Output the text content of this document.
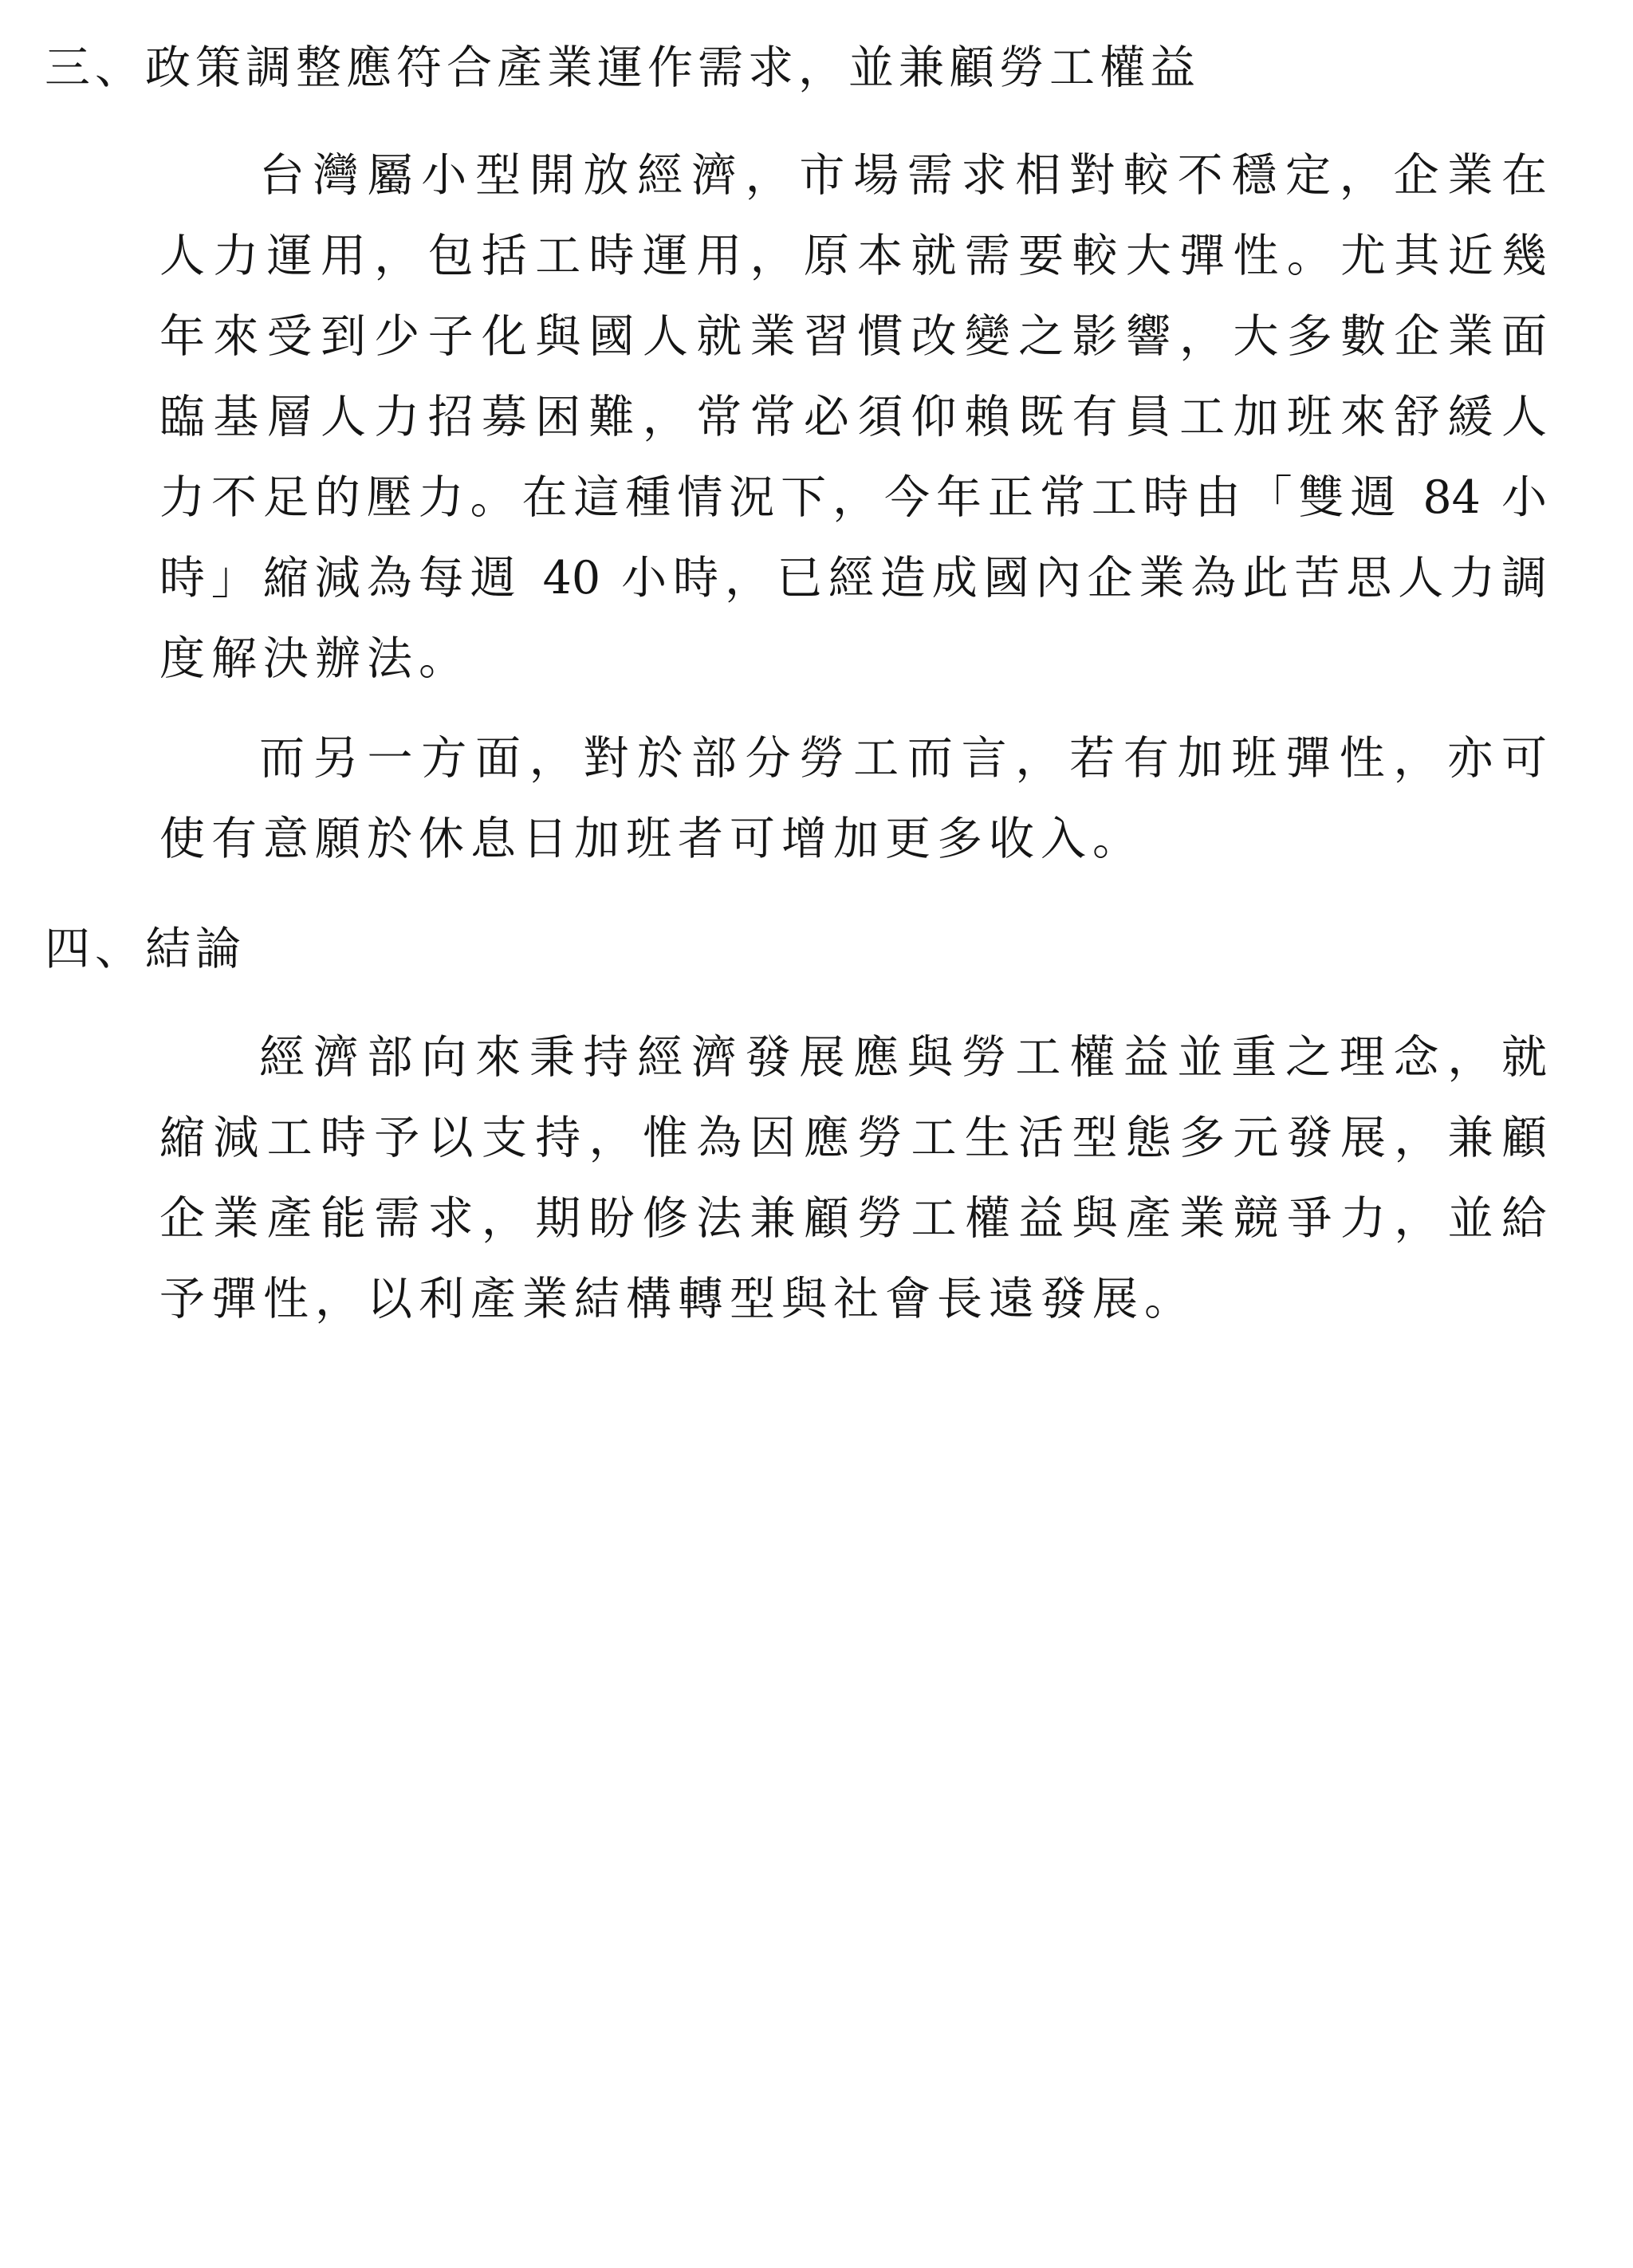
三、政策調整應符合產業運作需求，並兼顧勞工權益
台灣屬小型開放經濟，市場需求相對較不穩定，企業在
人力運用，包括工時運用，原本就需要較大彈性。尤其近幾
年來受到少子化與國人就業習慣改變之影響，大多數企業面
臨基層人力招募困難，常常必須仰賴既有員工加班來舒緩人
力不足的壓力。在這種情況下，今年正常工時由「雙週 84 小
時」縮減為每週 40 小時，已經造成國內企業為此苦思人力調
度解決辦法。
而另一方面，對於部分勞工而言，若有加班彈性，亦可
使有意願於休息日加班者可增加更多收入。
四、結論
經濟部向來秉持經濟發展應與勞工權益並重之理念，就
縮減工時予以支持，惟為因應勞工生活型態多元發展，兼顧
企業產能需求，期盼修法兼顧勞工權益與產業競爭力，並給
予彈性，以利產業結構轉型與社會長遠發展。
